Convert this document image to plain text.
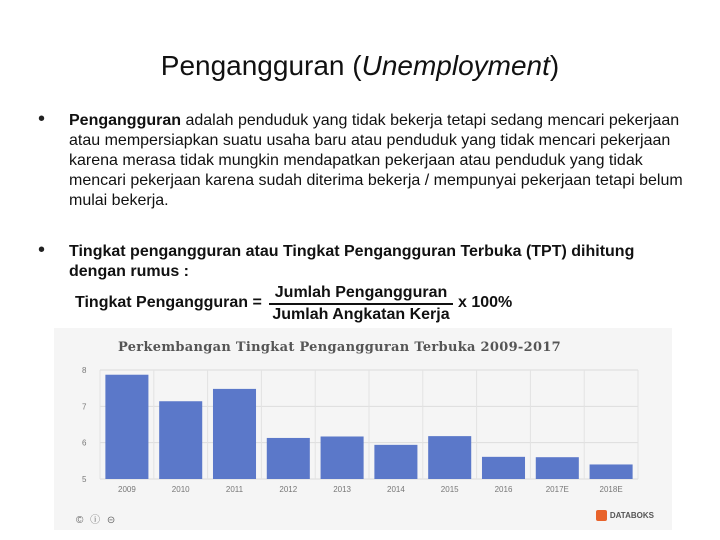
Pengangguran (Unemployment)
• Pengangguran adalah penduduk yang tidak bekerja tetapi sedang mencari pekerjaan atau mempersiapkan suatu usaha baru atau penduduk yang tidak mencari pekerjaan karena merasa tidak mungkin mendapatkan pekerjaan atau penduduk yang tidak mencari pekerjaan karena sudah diterima bekerja / mempunyai pekerjaan tetapi belum mulai bekerja.
• Tingkat pengangguran atau Tingkat Pengangguran Terbuka (TPT) dihitung dengan rumus :
Tingkat Pengangguran =
Jumlah Pengangguran
Jumlah Angkatan Kerja
x 100%
Perkembangan Tingkat Pengangguran Terbuka 2009-2017
5
6
7
8
2009	2010	2011	2012	2013	2014	2015	2016	2017E	2018E
© ⓘ ⊝	DATABOKS
